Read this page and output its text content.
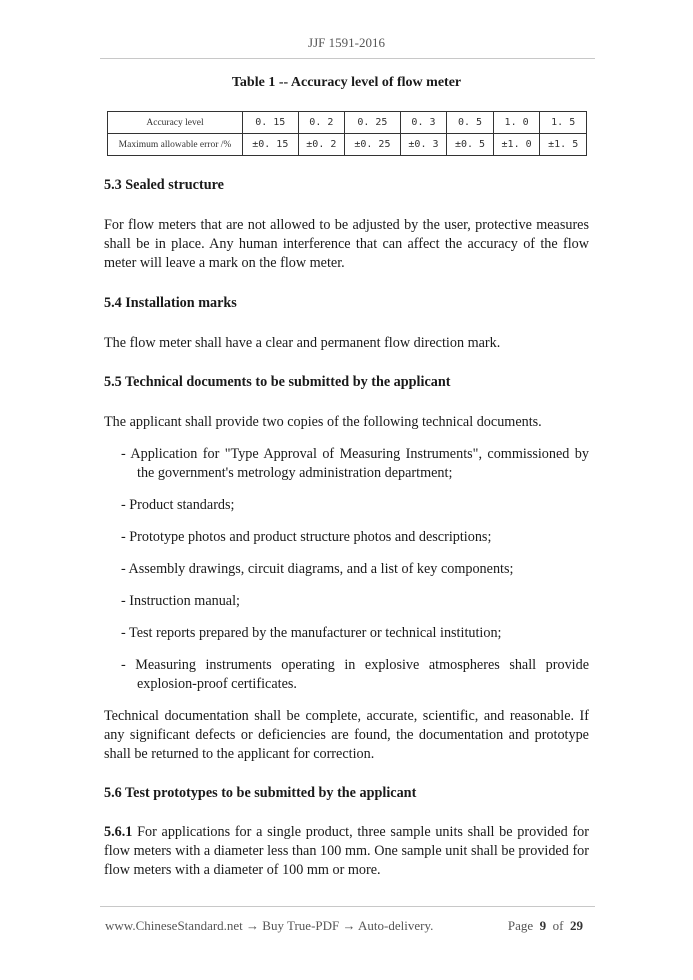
JJF 1591-2016
Table 1 -- Accuracy level of flow meter
Accuracy level	0. 15	0. 2	0. 25	0. 3	0. 5	1. 0	1. 5
Maximum allowable error /%	±0. 15	±0. 2	±0. 25	±0. 3	±0. 5	±1. 0	±1. 5

5.3 Sealed structure

For flow meters that are not allowed to be adjusted by the user, protective measures shall be in place. Any human interference that can affect the accuracy of the flow meter will leave a mark on the flow meter.

5.4 Installation marks

The flow meter shall have a clear and permanent flow direction mark.

5.5 Technical documents to be submitted by the applicant

The applicant shall provide two copies of the following technical documents.

- Application for "Type Approval of Measuring Instruments", commissioned by the government's metrology administration department;

- Product standards;

- Prototype photos and product structure photos and descriptions;

- Assembly drawings, circuit diagrams, and a list of key components;

- Instruction manual;

- Test reports prepared by the manufacturer or technical institution;

- Measuring instruments operating in explosive atmospheres shall provide explosion-proof certificates.

Technical documentation shall be complete, accurate, scientific, and reasonable. If any significant defects or deficiencies are found, the documentation and prototype shall be returned to the applicant for correction.

5.6 Test prototypes to be submitted by the applicant

5.6.1 For applications for a single product, three sample units shall be provided for flow meters with a diameter less than 100 mm. One sample unit shall be provided for flow meters with a diameter of 100 mm or more.

www.ChineseStandard.net → Buy True-PDF → Auto-delivery.	Page 9 of 29
